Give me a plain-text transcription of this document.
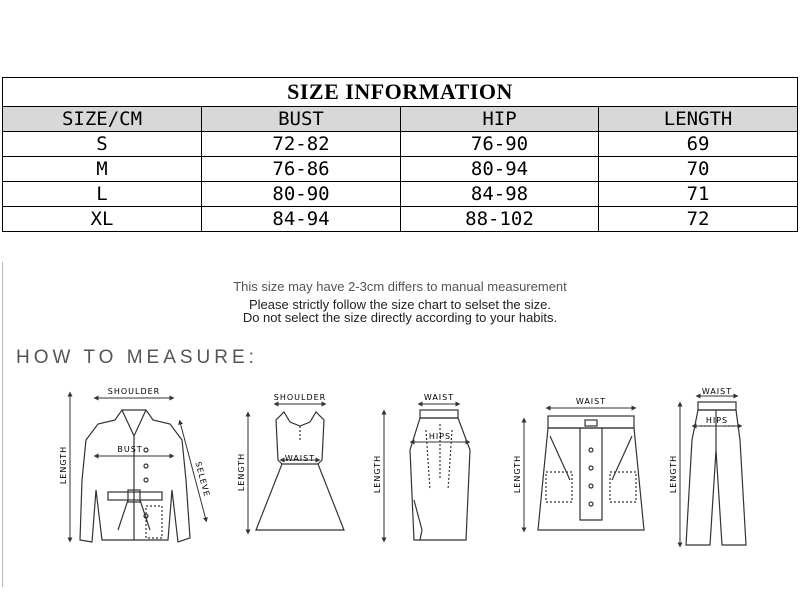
SIZE INFORMATION			
SIZE/CM	BUST	HIP	LENGTH
S	72-82	76-90	69
M	76-86	80-94	70
L	80-90	84-98	71
XL	84-94	88-102	72
This size may have 2-3cm differs to manual measurement
Please strictly follow the size chart to selset the size.
Do not select the size directly according to your habits.
HOW TO MEASURE:
SHOULDER
BUST
LENGTH	SELEVE
SHOULDER
WAIST
LENGTH
WAIST
HIPS
LENGTH
WAIST
LENGTH
WAIST
HIPS
LENGTH
